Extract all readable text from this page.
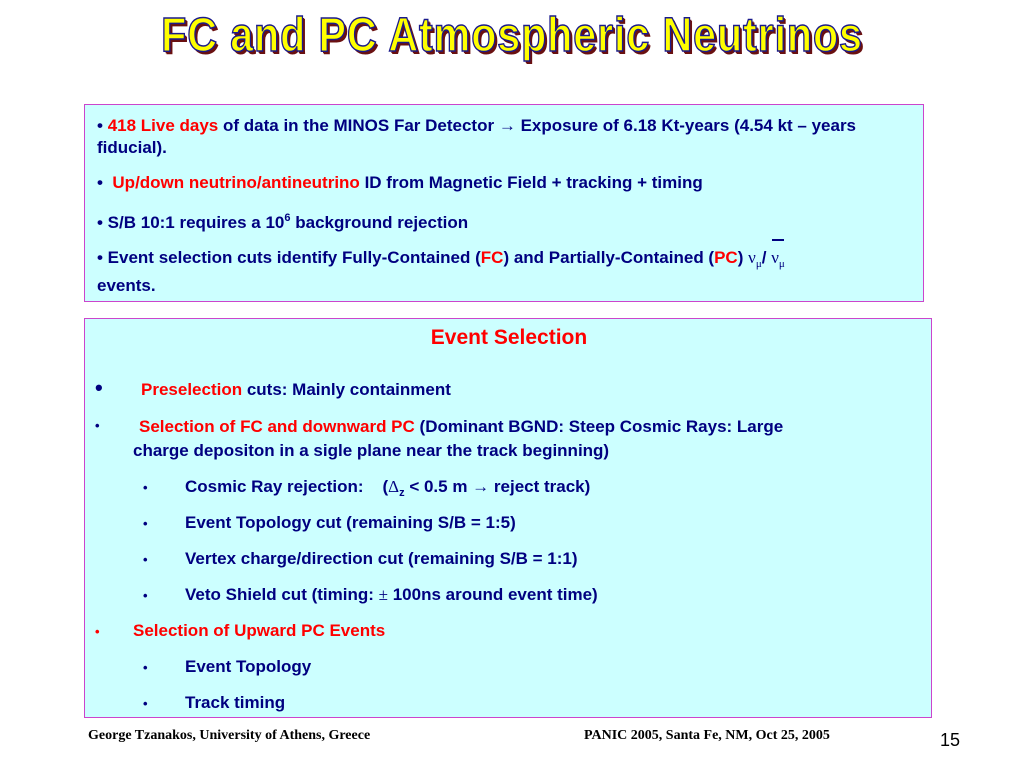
FC and PC Atmospheric Neutrinos
• 418 Live days of data in the MINOS Far Detector → Exposure of 6.18 Kt-years (4.54 kt – years fiducial).
• Up/down neutrino/antineutrino ID from Magnetic Field + tracking + timing
• S/B 10:1 requires a $10^6$ background rejection
• Event selection cuts identify Fully-Contained (FC) and Partially-Contained (PC) $\nu_\mu/$ $\nu_\mu$
events.
Event Selection
• Preselection cuts: Mainly containment
• Selection of FC and downward PC (Dominant BGND: Steep Cosmic Rays: Large
charge depositon in a sigle plane near the track beginning)
• Cosmic Ray rejection: ($\Delta_z < 0.5$ m → reject track)
• Event Topology cut (remaining S/B = 1:5)
• Vertex charge/direction cut (remaining S/B = 1:1)
• Veto Shield cut (timing: ± 100ns around event time)
• Selection of Upward PC Events
• Event Topology
• Track timing
George Tzanakos, University of Athens, Greece	PANIC 2005, Santa Fe, NM, Oct 25, 2005	15
